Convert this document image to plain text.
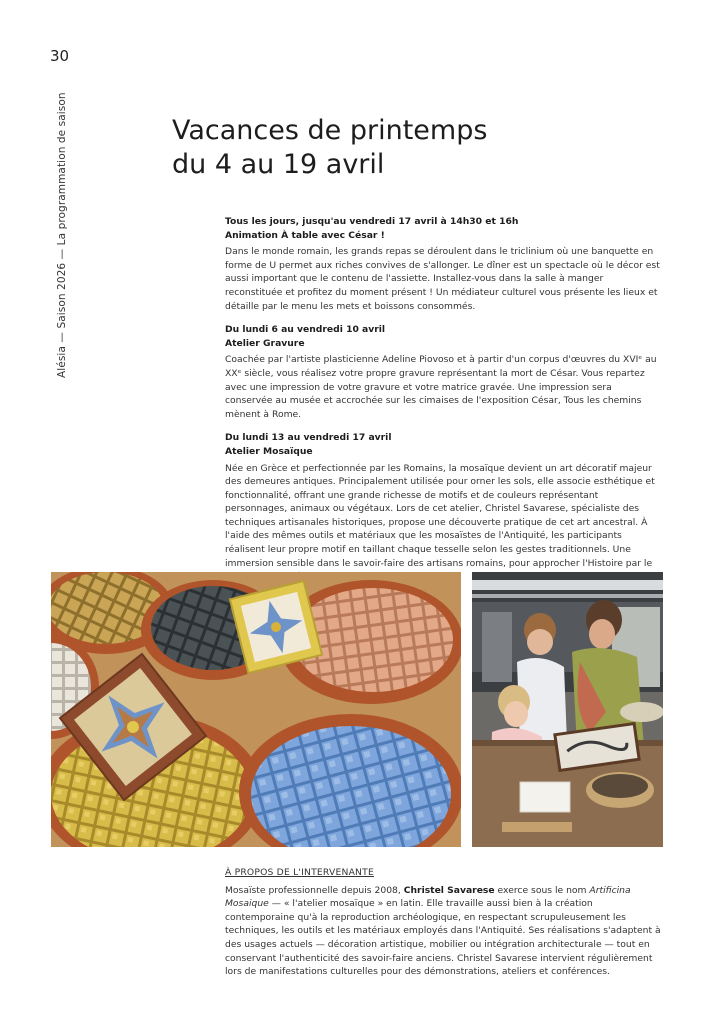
30
Alésia — Saison 2026 — La programmation de saison	Vacances de printemps
du 4 au 19 avril
Tous les jours, jusqu'au vendredi 17 avril à 14h30 et 16h
Animation À table avec César !

Dans le monde romain, les grands repas se déroulent dans le triclinium où une banquette en forme de U permet aux riches convives de s'allonger. Le dîner est un spectacle où le décor est aussi important que le contenu de l'assiette. Installez-vous dans la salle à manger reconstituée et profitez du moment présent ! Un médiateur culturel vous présente les lieux et détaille par le menu les mets et boissons consommés.

Du lundi 6 au vendredi 10 avril
Atelier Gravure

Coachée par l'artiste plasticienne Adeline Piovoso et à partir d'un corpus d'œuvres du XVIᵉ au XXᵉ siècle, vous réalisez votre propre gravure représentant la mort de César. Vous repartez avec une impression de votre gravure et votre matrice gravée. Une impression sera conservée au musée et accrochée sur les cimaises de l'exposition César, Tous les chemins mènent à Rome.

Du lundi 13 au vendredi 17 avril
Atelier Mosaïque

Née en Grèce et perfectionnée par les Romains, la mosaïque devient un art décoratif majeur des demeures antiques. Principalement utilisée pour orner les sols, elle associe esthétique et fonctionnalité, offrant une grande richesse de motifs et de couleurs représentant personnages, animaux ou végétaux. Lors de cet atelier, Christel Savarese, spécialiste des techniques artisanales historiques, propose une découverte pratique de cet art ancestral. À l'aide des mêmes outils et matériaux que les mosaïstes de l'Antiquité, les participants réalisent leur propre motif en taillant chaque tesselle selon les gestes traditionnels. Une immersion sensible dans le savoir-faire des artisans romains, pour approcher l'Histoire par le

À PROPOS DE L'INTERVENANTE
Mosaïste professionnelle depuis 2008, Christel Savarese exerce sous le nom Artificina Mosaique — « l'atelier mosaïque » en latin. Elle travaille aussi bien à la création contemporaine qu'à la reproduction archéologique, en respectant scrupuleusement les techniques, les outils et les matériaux employés dans l'Antiquité. Ses réalisations s'adaptent à des usages actuels — décoration artistique, mobilier ou intégration architecturale — tout en conservant l'authenticité des savoir-faire anciens. Christel Savarese intervient régulièrement lors de manifestations culturelles pour des démonstrations, ateliers et conférences.
